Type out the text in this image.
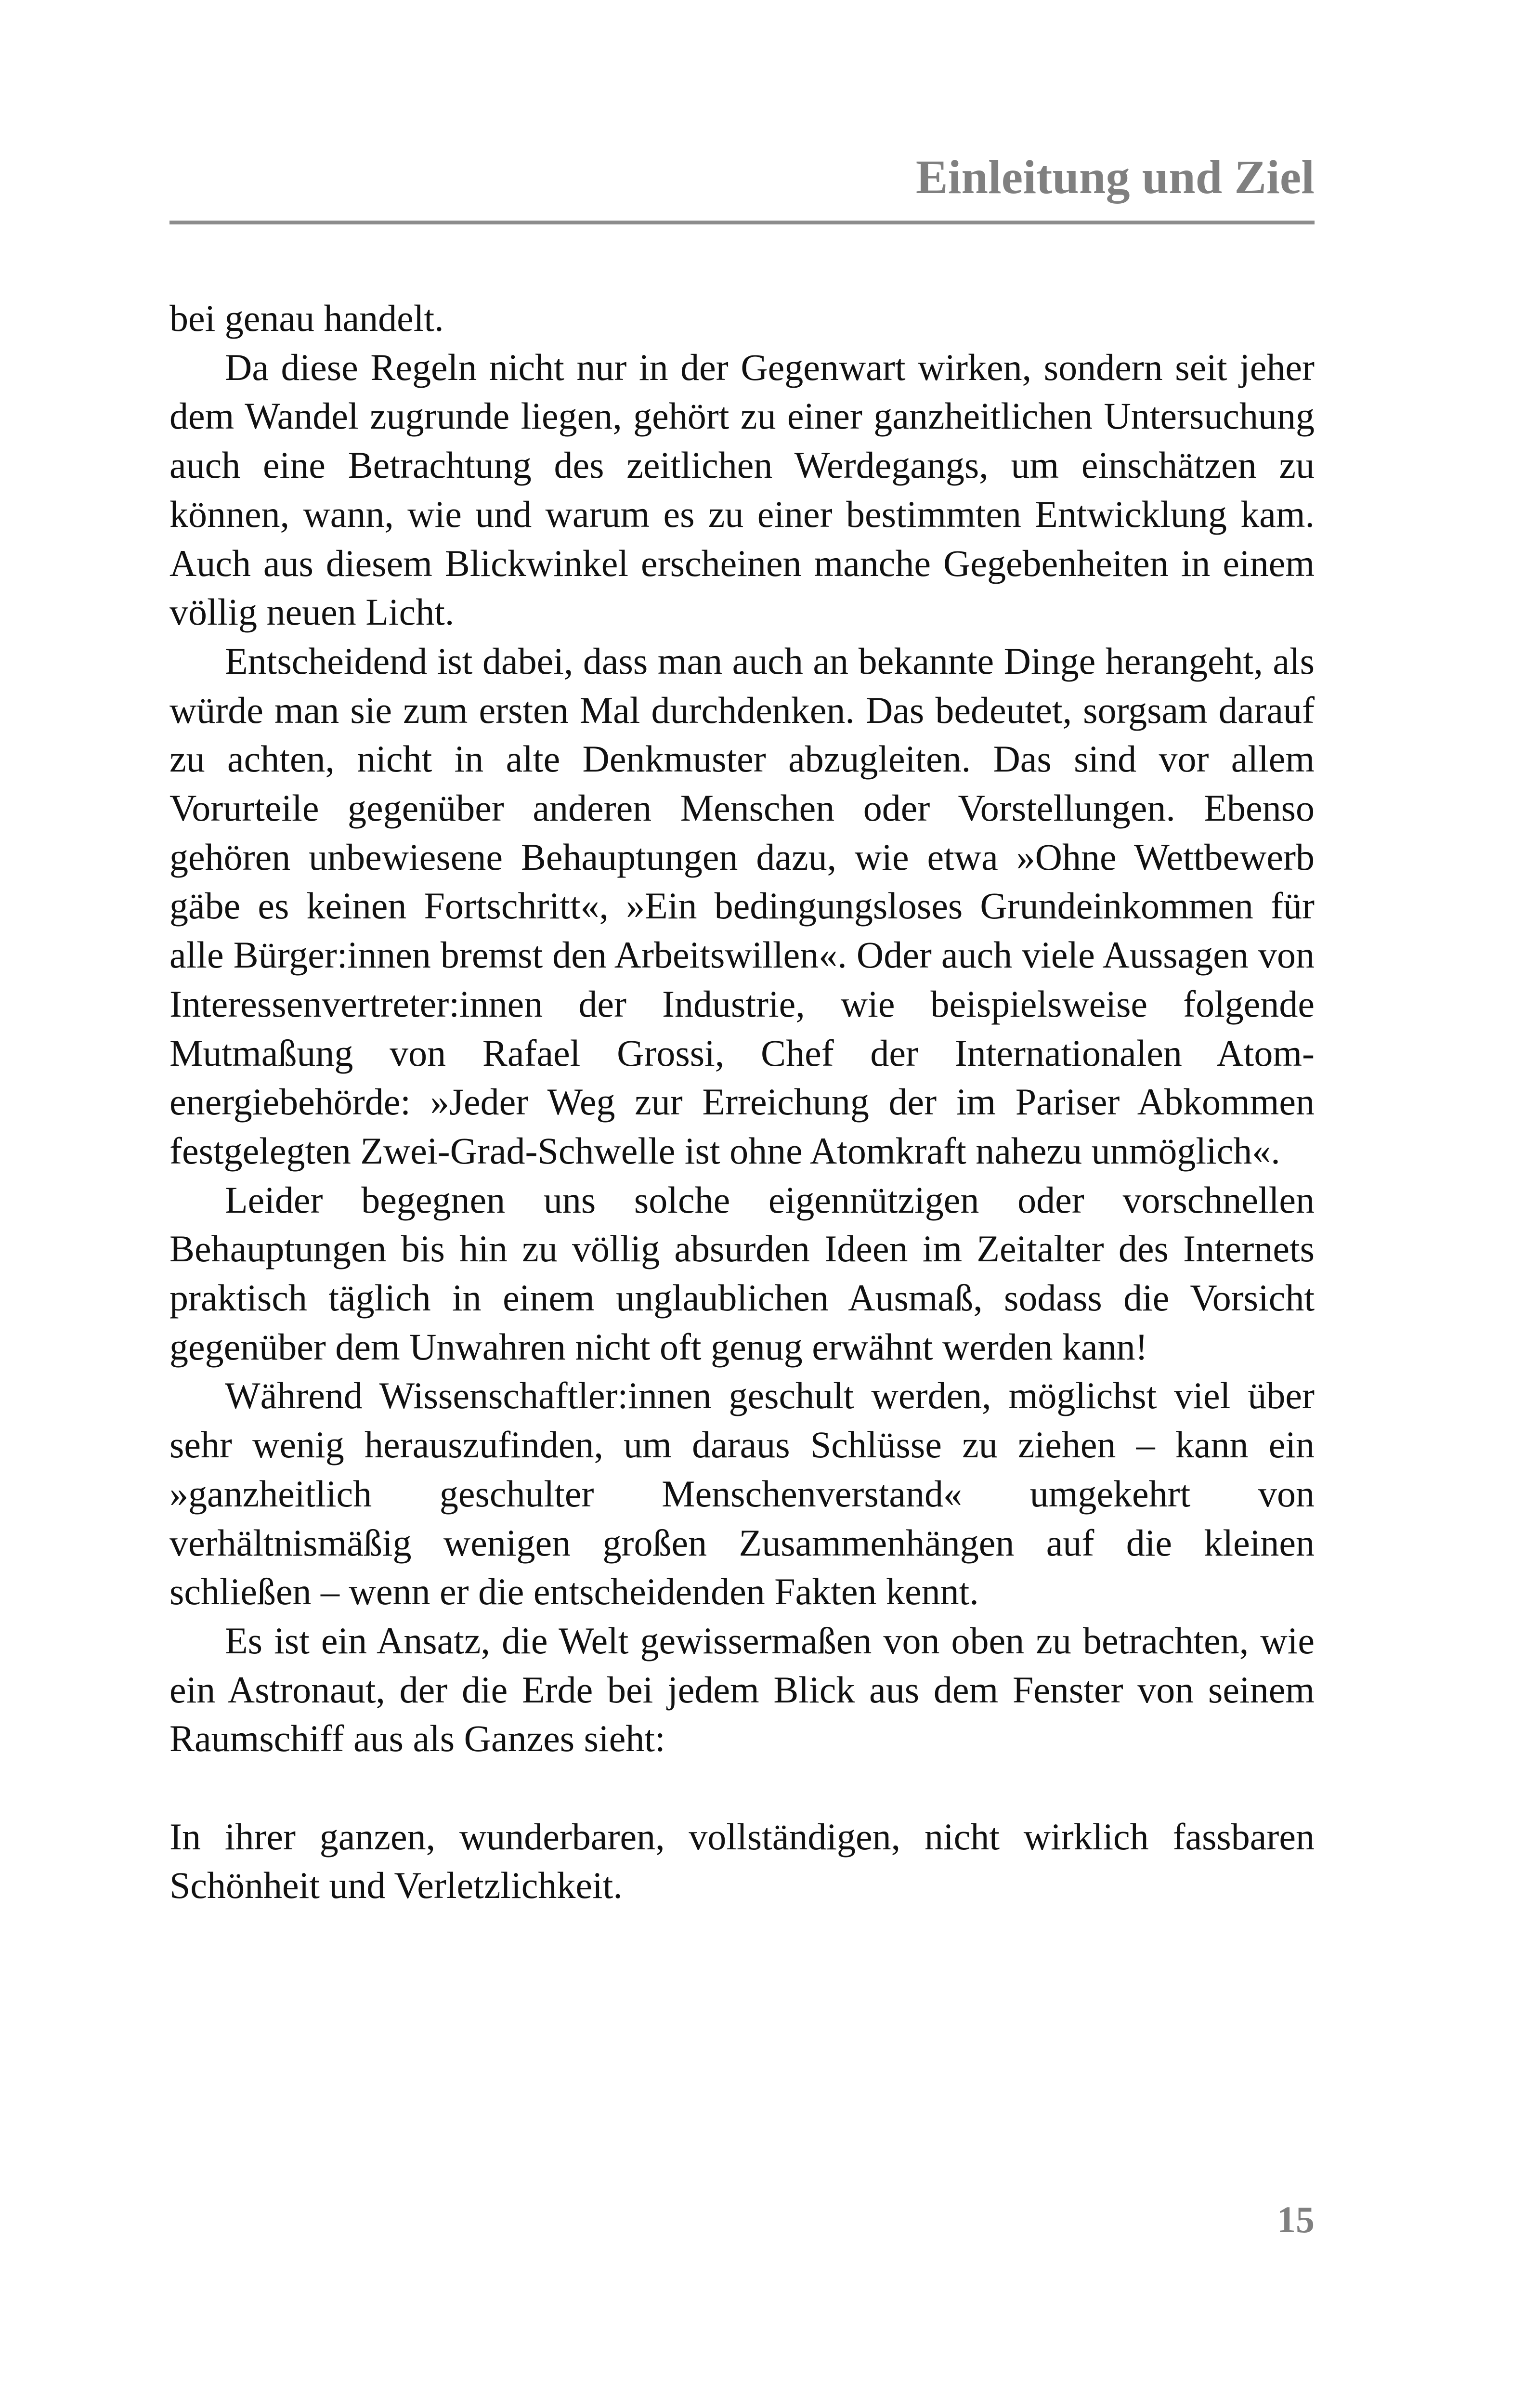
Einleitung und Ziel

bei genau handelt.

Da diese Regeln nicht nur in der Gegenwart wirken, sondern seit jeher dem Wandel zugrunde liegen, gehört zu einer ganzheitlichen Untersuchung auch eine Betrachtung des zeitlichen Werdegangs, um einschätzen zu können, wann, wie und warum es zu einer bestimmten Entwicklung kam. Auch aus diesem Blickwinkel erscheinen manche Gegebenheiten in einem völlig neuen Licht.

Entscheidend ist dabei, dass man auch an bekannte Dinge herangeht, als würde man sie zum ersten Mal durchdenken. Das bedeutet, sorgsam darauf zu achten, nicht in alte Denkmuster abzugleiten. Das sind vor allem Vorurteile gegenüber anderen Menschen oder Vorstellungen. Ebenso gehören unbewiesene Behauptungen dazu, wie etwa »Ohne Wettbewerb gäbe es keinen Fortschritt«, »Ein bedingungsloses Grundeinkommen für alle Bürger:innen bremst den Arbeitswillen«. Oder auch viele Aussagen von Interessenvertreter:innen der Industrie, wie beispielsweise folgende Mutmaßung von Rafael Grossi, Chef der Internationalen Atomenergiebehörde: »Jeder Weg zur Erreichung der im Pariser Abkommen festgelegten Zwei-Grad-Schwelle ist ohne Atomkraft nahezu unmöglich«.

Leider begegnen uns solche eigennützigen oder vorschnellen Behauptungen bis hin zu völlig absurden Ideen im Zeitalter des Internets praktisch täglich in einem unglaublichen Ausmaß, sodass die Vorsicht gegenüber dem Unwahren nicht oft genug erwähnt werden kann!

Während Wissenschaftler:innen geschult werden, möglichst viel über sehr wenig herauszufinden, um daraus Schlüsse zu ziehen – kann ein »ganzheitlich geschulter Menschenverstand« umgekehrt von verhältnismäßig wenigen großen Zusammenhängen auf die kleinen schließen – wenn er die entscheidenden Fakten kennt.

Es ist ein Ansatz, die Welt gewissermaßen von oben zu betrachten, wie ein Astronaut, der die Erde bei jedem Blick aus dem Fenster von seinem Raumschiff aus als Ganzes sieht:

In ihrer ganzen, wunderbaren, vollständigen, nicht wirklich fassbaren Schönheit und Verletzlichkeit.

15
